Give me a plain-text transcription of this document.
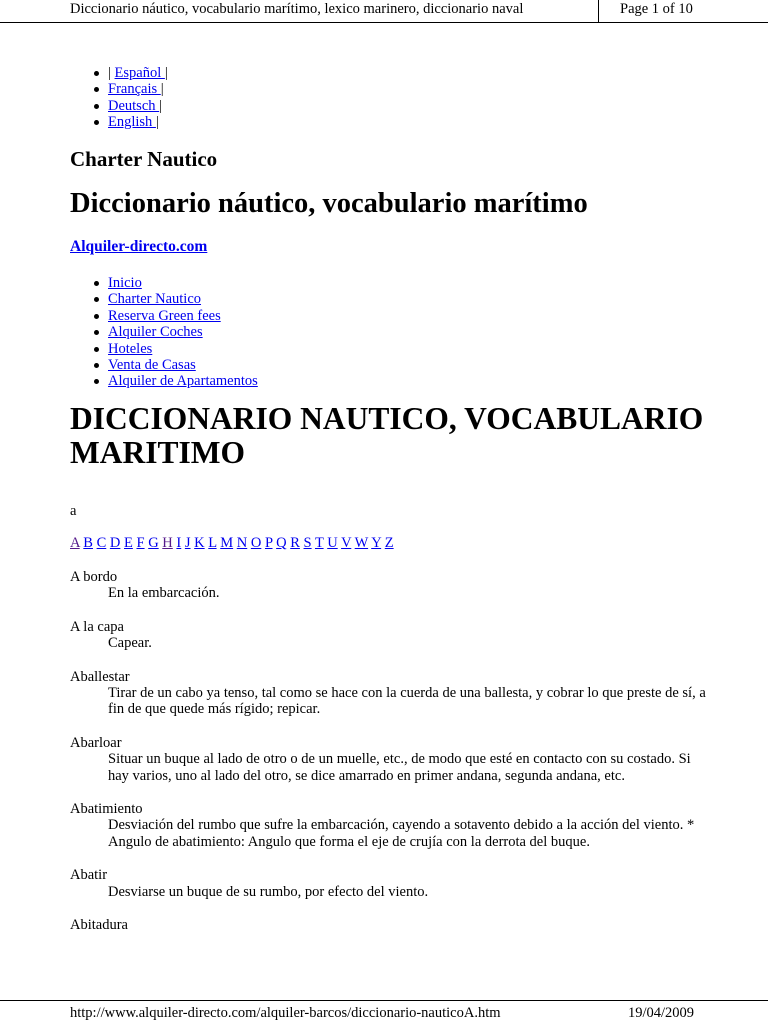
Diccionario náutico, vocabulario marítimo, lexico marinero, diccionario naval	Page 1 of 10
| Español |
Français |
Deutsch |
English |
Charter Nautico
Diccionario náutico, vocabulario marítimo
Alquiler-directo.com
Inicio
Charter Nautico
Reserva Green fees
Alquiler Coches
Hoteles
Venta de Casas
Alquiler de Apartamentos
DICCIONARIO NAUTICO, VOCABULARIO MARITIMO
a
A B C D E F G H I J K L M N O P Q R S T U V W Y Z
A bordo
En la embarcación.
A la capa
Capear.
Aballestar
Tirar de un cabo ya tenso, tal como se hace con la cuerda de una ballesta, y cobrar lo que preste de sí, a fin de que quede más rígido; repicar.
Abarloar
Situar un buque al lado de otro o de un muelle, etc., de modo que esté en contacto con su costado. Si hay varios, uno al lado del otro, se dice amarrado en primer andana, segunda andana, etc.
Abatimiento
Desviación del rumbo que sufre la embarcación, cayendo a sotavento debido a la acción del viento. * Angulo de abatimiento: Angulo que forma el eje de crujía con la derrota del buque.
Abatir
Desviarse un buque de su rumbo, por efecto del viento.
Abitadura
http://www.alquiler-directo.com/alquiler-barcos/diccionario-nauticoA.htm	19/04/2009
